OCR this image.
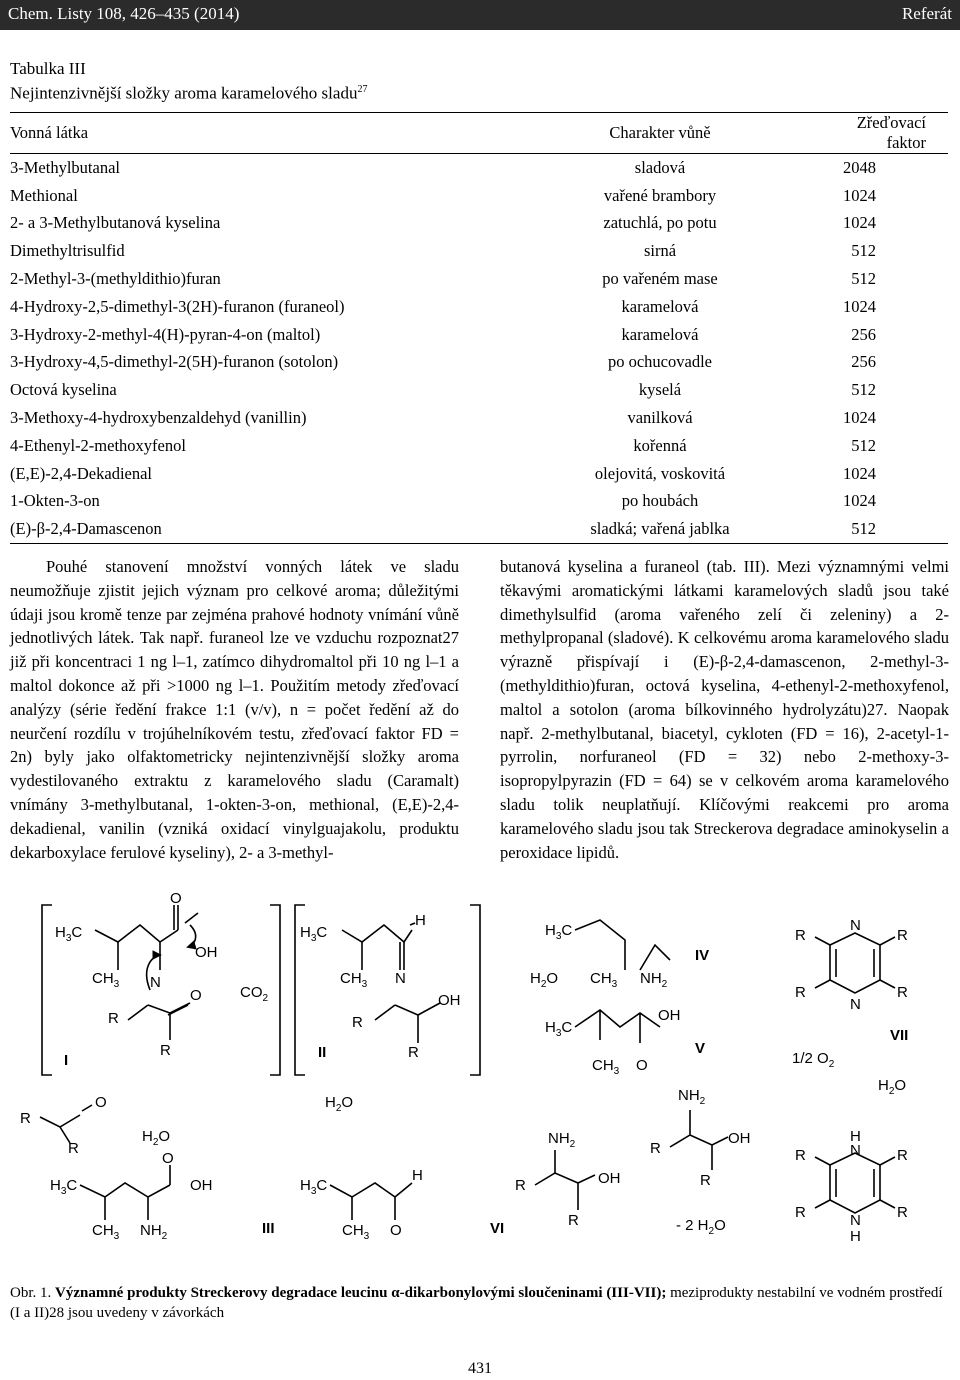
Chem. Listy 108, 426–435 (2014)	Referát
Tabulka III
Nejintenzivnější složky aroma karamelového sladu$^{27}$
Vonná látka	Charakter vůně	Zřeďovací faktor
3-Methylbutanal	sladová	2048
Methional	vařené brambory	1024
2- a 3-Methylbutanová kyselina	zatuchlá, po potu	1024
Dimethyltrisulfid	sirná	512
2-Methyl-3-(methyldithio)furan	po vařeném mase	512
4-Hydroxy-2,5-dimethyl-3(2H)-furanon (furaneol)	karamelová	1024
3-Hydroxy-2-methyl-4(H)-pyran-4-on (maltol)	karamelová	256
3-Hydroxy-4,5-dimethyl-2(5H)-furanon (sotolon)	po ochucovadle	256
Octová kyselina	kyselá	512
3-Methoxy-4-hydroxybenzaldehyd (vanillin)	vanilková	1024
4-Ethenyl-2-methoxyfenol	kořenná	512
(E,E)-2,4-Dekadienal	olejovitá, voskovitá	1024
1-Okten-3-on	po houbách	1024
(E)-β-2,4-Damascenon	sladká; vařená jablka	512
Pouhé stanovení množství vonných látek ve sladu neumožňuje zjistit jejich význam pro celkové aroma; důležitými údaji jsou kromě tenze par zejména prahové hodnoty vnímání vůně jednotlivých látek. Tak např. furaneol lze ve vzduchu rozpoznat27 již při koncentraci 1 ng l–1, zatímco dihydromaltol při 10 ng l–1 a maltol dokonce až při >1000 ng l–1. Použitím metody zřeďovací analýzy (série ředění frakce 1:1 (v/v), n = počet ředění až do neurčení rozdílu v trojúhelníkovém testu, zřeďovací faktor FD = 2n) byly jako olfaktometricky nejintenzivnější složky aroma vydestilovaného extraktu z karamelového sladu (Caramalt) vnímány 3-methylbutanal, 1-okten-3-on, methional, (E,E)-2,4-dekadienal, vanilin (vzniká oxidací vinylguajakolu, produktu dekarboxylace ferulové kyseliny), 2- a 3-methyl-
butanová kyselina a furaneol (tab. III). Mezi významnými velmi těkavými aromatickými látkami karamelových sladů jsou také dimethylsulfid (aroma vařeného zelí či zeleniny) a 2-methylpropanal (sladové). K celkovému aroma karamelového sladu výrazně přispívají i (E)-β-2,4-damascenon, 2-methyl-3-(methyldithio)furan, octová kyselina, 4-ethenyl-2-methoxyfenol, maltol a sotolon (aroma bílkovinného hydrolyzátu)27. Naopak např. 2-methylbutanal, biacetyl, cykloten (FD = 16), 2-acetyl-1-pyrrolin, norfuraneol (FD = 32) nebo 2-methoxy-3-isopropylpyrazin (FD = 64) se v celkovém aroma karamelového sladu tolik neuplatňují. Klíčovými reakcemi pro aroma karamelového sladu jsou tak Streckerova degradace aminokyselin a peroxidace lipidů.
$H_3C$
$CH_3$ N
O
OH
R
O
R
I
$CO_2$
$H_3C$
H
$CH_3$ N
R
OH
R
II
$H_3C$
$H_2O$ $CH_3$ $NH_2$
IV
$H_3C$
OH
$CH_3$ O
V
R
N
R
R
N
R
VII
1/2 $O_2$
$H_2O$
R
O
R
$H_2O$
$H_2O$
$H_3C$
O
OH
$CH_3$ $NH_2$	III
$H_3C$
H
$CH_3$ O
$NH_2$
R	OH
R
VI
$NH_2$
R
OH
R
- 2 $H_2O$
H
R	N R
R	N R
H
Obr. 1. Významné produkty Streckerovy degradace leucinu α-dikarbonylovými sloučeninami (III-VII); meziprodukty nestabilní ve vodném prostředí (I a II)28 jsou uvedeny v závorkách
431
